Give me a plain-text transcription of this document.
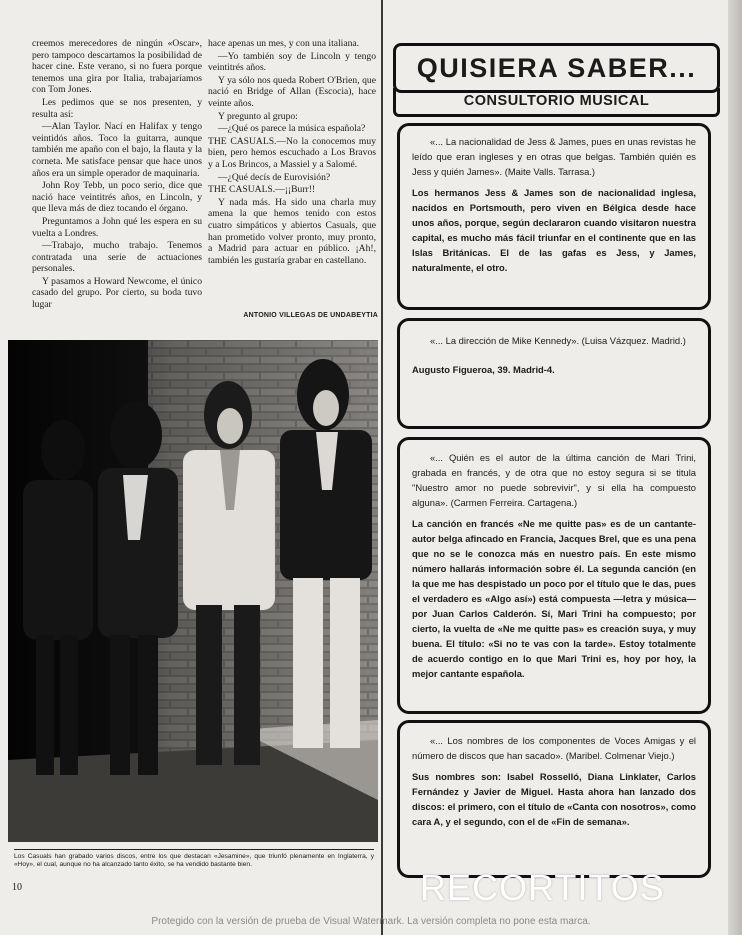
creemos merecedores de ningún «Oscar», pero tampoco descartamos la posibilidad de hacer cine. Este verano, si no fuera porque tenemos una gira por Italia, trabajaríamos con Tom Jones.

Les pedimos que se nos presenten, y resulta así:

—Alan Taylor. Nací en Halifax y tengo veintidós años. Toco la guitarra, aunque también me apaño con el bajo, la flauta y la corneta. Me satisface pensar que hace unos años era un simple operador de maquinaria.

John Roy Tebb, un poco serio, dice que nació hace veintitrés años, en Lincoln, y que lleva más de diez tocando el órgano.

Preguntamos a John qué les espera en su vuelta a Londres.

—Trabajo, mucho trabajo. Tenemos contratada una serie de actuaciones personales.

Y pasamos a Howard Newcome, el único casado del grupo. Por cierto, su boda tuvo lugar

hace apenas un mes, y con una italiana.

—Yo también soy de Lincoln y tengo veintitrés años.

Y ya sólo nos queda Robert O'Brien, que nació en Bridge of Allan (Escocia), hace veinte años.

Y pregunto al grupo:

—¿Qué os parece la música española?

THE CASUALS.—No la conocemos muy bien, pero hemos escuchado a Los Bravos y a Los Brincos, a Massiel y a Salomé.

—¿Qué decís de Eurovisión?

THE CASUALS.—¡¡Burr!!

Y nada más. Ha sido una charla muy amena la que hemos tenido con estos cuatro simpáticos y abiertos Casuals, que han prometido volver pronto, muy pronto, a Madrid para actuar en público. ¡Ah!, también les gustaría grabar en castellano.

ANTONIO VILLEGAS DE UNDABEYTIA
Los Casuals han grabado varios discos, entre los que destacan «Jesamine», que triunfó plenamente en Inglaterra, y «Hoy», el cual, aunque no ha alcanzado tanto éxito, se ha vendido bastante bien.
10
QUISIERA SABER...
CONSULTORIO MUSICAL

«... La nacionalidad de Jess & James, pues en unas revistas he leído que eran ingleses y en otras que belgas. También quién es Jess y quién James». (Maite Valls. Tarrasa.)

Los hermanos Jess & James son de nacionalidad inglesa, nacidos en Portsmouth, pero viven en Bélgica desde hace unos años, porque, según declararon cuando visitaron nuestra capital, es mucho más fácil triunfar en el continente que en las Islas Británicas. El de las gafas es Jess, y James, naturalmente, el otro.

«... La dirección de Mike Kennedy». (Luisa Vázquez. Madrid.)

Augusto Figueroa, 39. Madrid-4.

«... Quién es el autor de la última canción de Mari Trini, grabada en francés, y de otra que no estoy segura si se titula "Nuestro amor no puede sobrevivir", y si ella ha compuesto alguna». (Carmen Ferreira. Cartagena.)

La canción en francés «Ne me quitte pas» es de un cantante-autor belga afincado en Francia, Jacques Brel, que es una pena que no se le conozca más en nuestro país. En este mismo número hallarás información sobre él. La segunda canción (en la que me has despistado un poco por el título que le das, pues el verdadero es «Algo así») está compuesta —letra y música— por Juan Carlos Calderón. Sí, Mari Trini ha compuesto; por cierto, la vuelta de «Ne me quitte pas» es creación suya, y muy buena. El título: «Si no te vas con la tarde». Estoy totalmente de acuerdo contigo en lo que Mari Trini es, hoy por hoy, la mejor cantante española.

«... Los nombres de los componentes de Voces Amigas y el número de discos que han sacado». (Maribel. Colmenar Viejo.)

Sus nombres son: Isabel Rosselló, Diana Linklater, Carlos Fernández y Javier de Miguel. Hasta ahora han lanzado dos discos: el primero, con el título de «Canta con nosotros», como cara A, y el segundo, con el de «Fin de semana».

RECORTITOS
Protegido con la versión de prueba de Visual Watermark. La versión completa no pone esta marca.
